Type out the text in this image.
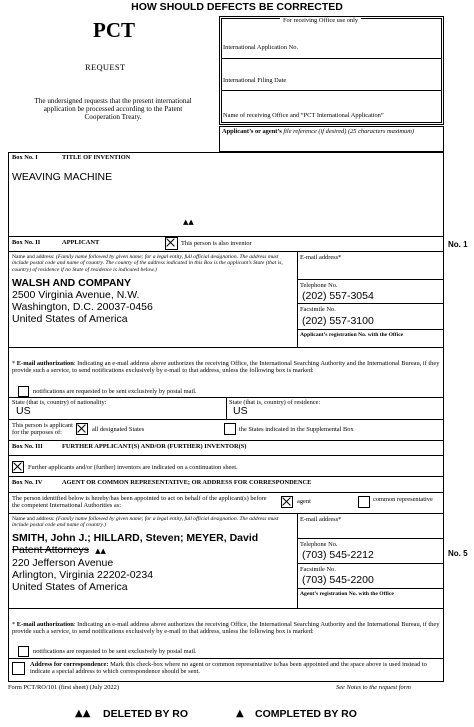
HOW SHOULD DEFECTS BE CORRECTED
PCT
REQUEST
The undersigned requests that the present international application be processed according to the Patent Cooperation Treaty.
For receiving Office use only
International Application No.
International Filing Date
Name of receiving Office and “PCT International Application”
Applicant’s or agent’s file reference (if desired) (25 characters maximum)
Box No. I	TITLE OF INVENTION
WEAVING MACHINE
▲▲
Box No. II	APPLICANT	This person is also inventor	No. 1
Name and address: (Family name followed by given name; for a legal entity, full official designation. The address must include postal code and name of country. The country of the address indicated in this Box is the applicant’s State (that is, country) of residence if no State of residence is indicated below.)
WALSH AND COMPANY
2500 Virginia Avenue, N.W.
Washington, D.C. 20037-0456
United States of America
E-mail address*
Telephone No.
(202) 557-3054
Facsimile No.
(202) 557-3100
Applicant’s registration No. with the Office
* E-mail authorization: Indicating an e-mail address above authorizes the receiving Office, the International Searching Authority and the International Bureau, if they provide such a service, to send notifications exclusively by e-mail to that address, unless the following box is marked:
notifications are requested to be sent exclusively by postal mail.
State (that is, country) of nationality:
US
State (that is, country) of residence:
US
This person is applicant for the purposes of:	all designated States	the States indicated in the Supplemental Box
Box No. III	FURTHER APPLICANT(S) AND/OR (FURTHER) INVENTOR(S)
Further applicants and/or (further) inventors are indicated on a continuation sheet.
Box No. IV	AGENT OR COMMON REPRESENTATIVE; OR ADDRESS FOR CORRESPONDENCE
The person identified below is hereby/has been appointed to act on behalf of the applicant(s) before the competent International Authorities as:
agent	common representative
No. 5
Name and address: (Family name followed by given name; for a legal entity, full official designation. The address must include postal code and name of country.)
SMITH, John J.; HILLARD, Steven; MEYER, David
Patent Attorneys ▲▲
220 Jefferson Avenue
Arlington, Virginia 22202-0234
United States of America
E-mail address*
Telephone No.
(703) 545-2212
Facsimile No.
(703) 545-2200
Agent’s registration No. with the Office
* E-mail authorization: Indicating an e-mail address above authorizes the receiving Office, the International Searching Authority and the International Bureau, if they provide such a service, to send notifications exclusively by e-mail to that address, unless the following box is marked:
notifications are requested to be sent exclusively by postal mail.
Address for correspondence: Mark this check-box where no agent or common representative is/has been appointed and the space above is used instead to indicate a special address to which correspondence should be sent.
Form PCT/RO/101 (first sheet) (July 2022)	See Notes to the request form
▲▲ DELETED BY RO	▲ COMPLETED BY RO
